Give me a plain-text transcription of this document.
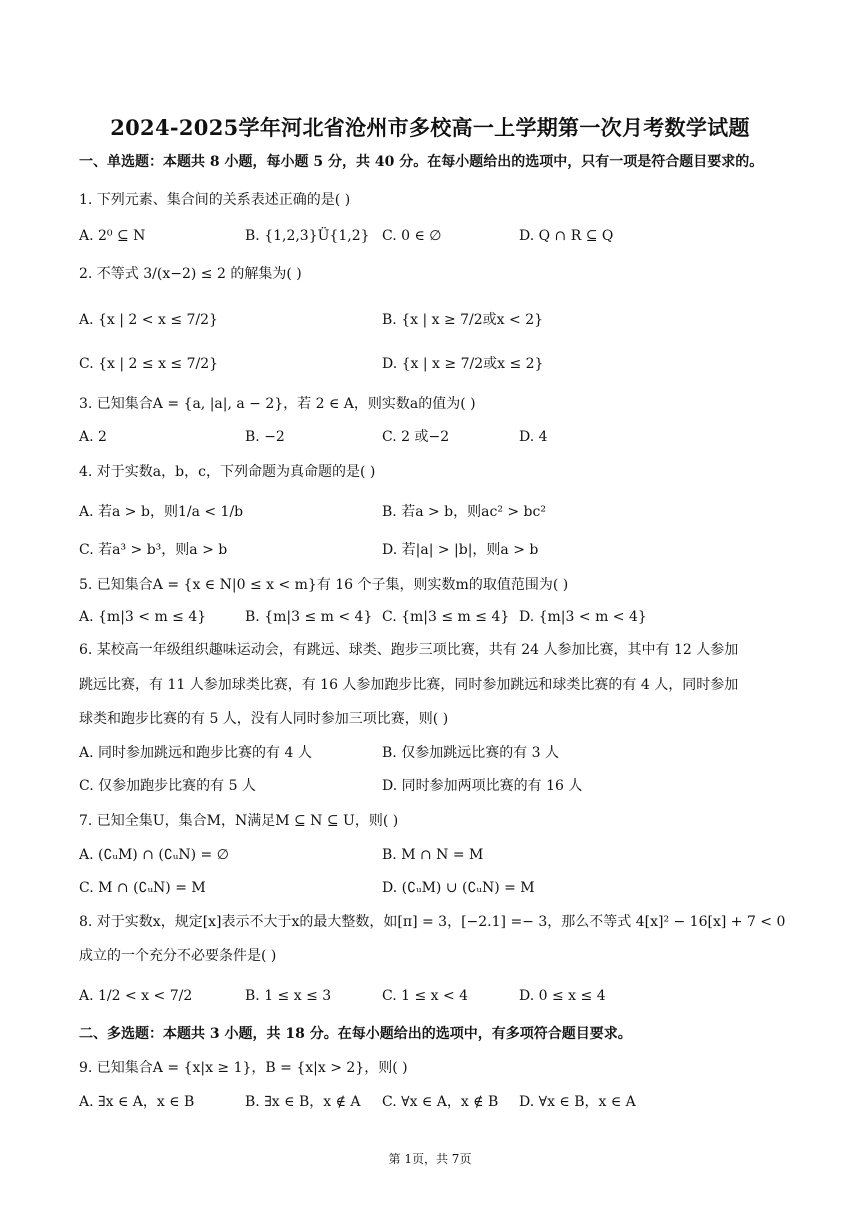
2024-2025学年河北省沧州市多校高一上学期第一次月考数学试题
一、单选题：本题共 8 小题，每小题 5 分，共 40 分。在每小题给出的选项中，只有一项是符合题目要求的。
1. 下列元素、集合间的关系表述正确的是( )
A. 2⁰ ⊆ N	B. {1,2,3}Ü{1,2} C. 0 ∈ ∅	D. Q ∩ R ⊆ Q
2. 不等式 3/(x−2) ≤ 2 的解集为( )
A. {x | 2 < x ≤ 7/2}	B. {x | x ≥ 7/2或x < 2}
C. {x | 2 ≤ x ≤ 7/2}	D. {x | x ≥ 7/2或x ≤ 2}
3. 已知集合A = {a, |a|, a − 2}，若 2 ∈ A，则实数a的值为( )
A. 2	B. −2	C. 2 或−2	D. 4
4. 对于实数a，b，c，下列命题为真命题的是( )
A. 若a > b，则1/a < 1/b	B. 若a > b，则ac² > bc²
C. 若a³ > b³，则a > b	D. 若|a| > |b|，则a > b
5. 已知集合A = {x ∈ N|0 ≤ x < m}有 16 个子集，则实数m的取值范围为( )
A. {m|3 < m ≤ 4}	B. {m|3 ≤ m < 4} C. {m|3 ≤ m ≤ 4} D. {m|3 < m < 4}
6. 某校高一年级组织趣味运动会，有跳远、球类、跑步三项比赛，共有 24 人参加比赛，其中有 12 人参加
跳远比赛，有 11 人参加球类比赛，有 16 人参加跑步比赛，同时参加跳远和球类比赛的有 4 人，同时参加
球类和跑步比赛的有 5 人，没有人同时参加三项比赛，则( )
A. 同时参加跳远和跑步比赛的有 4 人	B. 仅参加跳远比赛的有 3 人
C. 仅参加跑步比赛的有 5 人	D. 同时参加两项比赛的有 16 人
7. 已知全集U，集合M，N满足M ⊆ N ⊆ U，则( )
A. (∁ᵤM) ∩ (∁ᵤN) = ∅	B. M ∩ N = M
C. M ∩ (∁ᵤN) = M	D. (∁ᵤM) ∪ (∁ᵤN) = M
8. 对于实数x，规定[x]表示不大于x的最大整数，如[π] = 3，[−2.1] =− 3，那么不等式 4[x]² − 16[x] + 7 < 0
成立的一个充分不必要条件是( )
A. 1/2 < x < 7/2	B. 1 ≤ x ≤ 3	C. 1 ≤ x < 4	D. 0 ≤ x ≤ 4
二、多选题：本题共 3 小题，共 18 分。在每小题给出的选项中，有多项符合题目要求。
9. 已知集合A = {x|x ≥ 1}，B = {x|x > 2}，则( )
A. ∃x ∈ A，x ∈ B	B. ∃x ∈ B，x ∉ A C. ∀x ∈ A，x ∉ B D. ∀x ∈ B，x ∈ A
第 1页，共 7页
